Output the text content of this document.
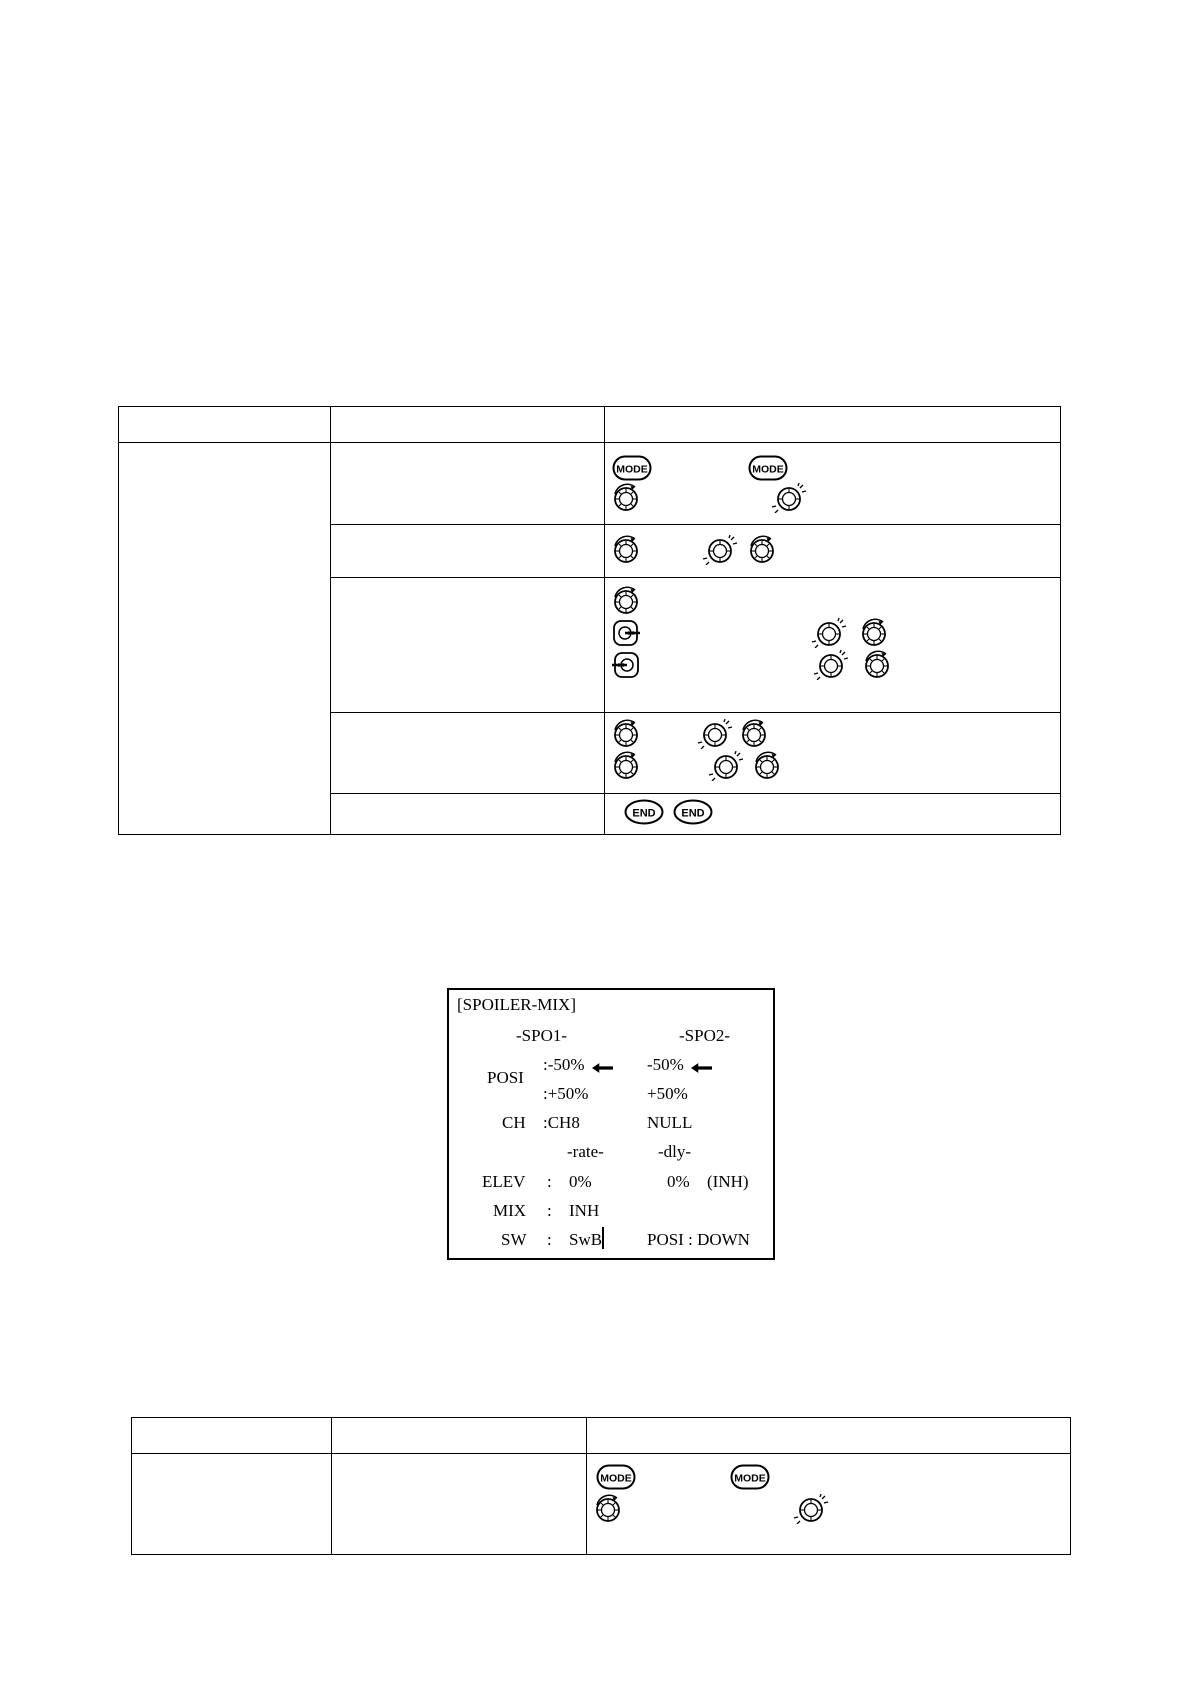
[SPOILER-MIX]
-SPO1-	-SPO2-
POSI
:-50%	-50%
:+50%	+50%
CH :CH8	NULL
-rate-	-dly-
ELEV : 0%	0% (INH)
MIX : INH
SW : SwB	POSI : DOWN
